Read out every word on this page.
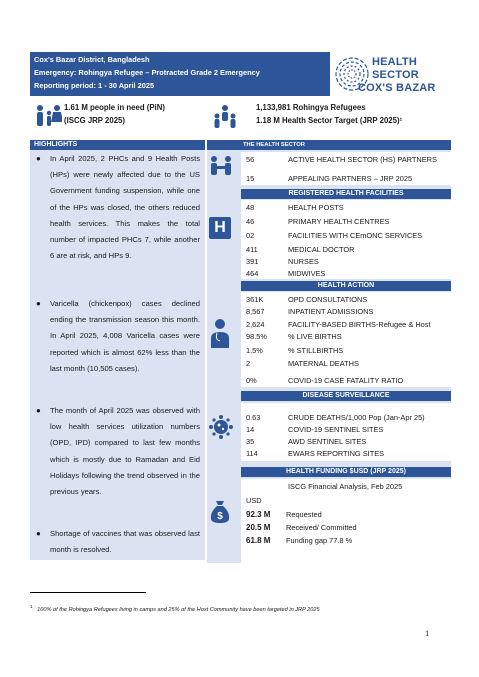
Cox's Bazar District, Bangladesh
Emergency: Rohingya Refugee – Protracted Grade 2 Emergency
Reporting period: 1 - 30 April 2025
HEALTH
SECTOR
COX'S BAZAR
1.61 M people in need (PiN)
(ISCG JRP 2025)
1,133,981 Rohingya Refugees
1.18 M Health Sector Target (JRP 2025)¹
HIGHLIGHTS
● In April 2025, 2 PHCs and 9 Health Posts (HPs) were newly affected due to the US Government funding suspension, while one of the HPs was closed, the others reduced health services. This makes the total number of impacted PHCs 7, while another 6 are at risk, and HPs 9.
● Varicella (chickenpox) cases declined ending the transmission season this month. In April 2025, 4,008 Varicella cases were reported which is almost 62% less than the last month (10,505 cases).
● The month of April 2025 was observed with low health services utilization numbers (OPD, IPD) compared to last few months which is mostly due to Ramadan and Eid Holidays following the trend observed in the previous years.
● Shortage of vaccines that was observed last month is resolved.
THE HEALTH SECTOR
56	ACTIVE HEALTH SECTOR (HS) PARTNERS
15	APPEALING PARTNERS – JRP 2025
REGISTERED HEALTH FACILITIES
H
48	HEALTH POSTS
46	PRIMARY HEALTH CENTRES
02	FACILITIES WITH CEmONC SERVICES
411	MEDICAL DOCTOR
391	NURSES
464	MIDWIVES
HEALTH ACTION
361K	OPD CONSULTATIONS
8,567	INPATIENT ADMISSIONS
2,624	FACILITY-BASED BIRTHS-Refugee & Host
98.5%	% LIVE BIRTHS
1.5%	% STILLBIRTHS
2	MATERNAL DEATHS
0%	COVID-19 CASE FATALITY RATIO
DISEASE SURVEILLANCE
0.63	CRUDE DEATHS/1,000 Pop (Jan-Apr 25)
14	COVID-19 SENTINEL SITES
35	AWD SENTINEL SITES
114	EWARS REPORTING SITES
HEALTH FUNDING $USD (JRP 2025)
$
ISCG Financial Analysis, Feb 2025
USD
92.3 M Requested
20.5 M Received/ Committed
61.8 M Funding gap 77.8 %
$^1$ 100% of the Rohingya Refugees living in camps and 25% of the Host Community have been targeted in JRP 2025
1
